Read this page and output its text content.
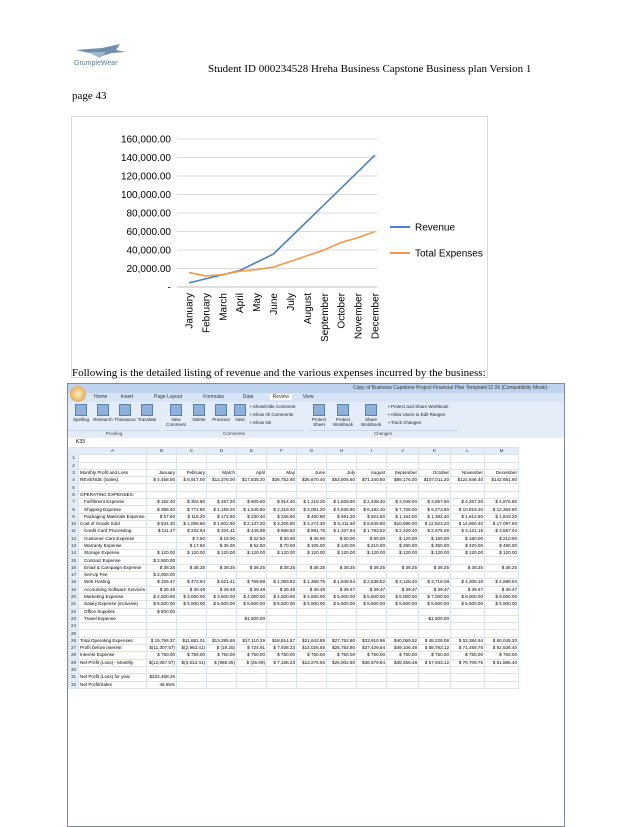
GrumpleWear	Student ID 000234528 Hreha Business Capstone Business plan Version 1
page 43
160,000.00
140,000.00
120,000.00
100,000.00
80,000.00
60,000.00
40,000.00
20,000.00
-
January February March April May June July August September October November December
Revenue
Total Expenses
Following is the detailed listing of revenue and the various expenses incurred by the business:
Copy of Business Capstone Project Financial Plan Template(12 06 [Compatibility Mode] -
Home	Insert	Page Layout	Formulas	Data	Review	View
Spelling Research Thesaurus Translate
Proofing
New Comment
Delete	Previous	Next
▪ Show/Hide Comment
▪ Show All Comments
▪ Show Ink
Comments
Protect Sheet
Protect Workbook
Share Workbook
▪ Protect and Share Workbook
▪ Allow Users to Edit Ranges
▪ Track Changes
Changes
K33
	A	B	C	D	E	F	G	H	I	J	K	L	M
1													
2													
3	Monthly Profit and Loss	January	February	March	April	May	June	July	August	September	October	November	December
4	REVENUE (Sales):	$ 4,458.00	$ 8,917.00	$13,376.00	$17,835.20	$26,752.80	$35,670.40	$53,505.60	$71,340.80	$89,176.00	$107,011.20	$124,846.40	$142,681.60
5													
6	OPERATING EXPENSES:												
7	Fulfillment Expense	$ 152.40	$ 304.80	$ 457.20	$ 609.60	$ 914.40	$ 1,219.20	$ 1,828.80	$ 2,438.40	$ 3,048.00	$ 3,657.60	$ 4,267.20	$ 4,876.80
8	Shipping Expense	$ 386.40	$ 772.80	$ 1,159.20	$ 1,545.60	$ 2,318.40	$ 3,091.20	$ 4,636.80	$ 6,182.40	$ 7,728.00	$ 9,273.60	$ 10,819.20	$ 12,364.80
9	Packaging Materials Expense	$ 57.60	$ 115.20	$ 172.80	$ 230.40	$ 345.60	$ 460.80	$ 691.20	$ 921.60	$ 1,152.00	$ 1,382.40	$ 1,612.80	$ 1,843.20
10	Cost of Goods Sold	$ 534.30	$ 1,068.60	$ 1,602.90	$ 2,137.20	$ 3,205.80	$ 4,274.40	$ 6,411.60	$ 8,548.80	$10,686.00	$ 12,823.20	$ 14,960.40	$ 17,097.60
11	Credit Card Processing	$ 111.47	$ 222.94	$ 334.41	$ 445.88	$ 668.82	$ 891.76	$ 1,337.64	$ 1,783.52	$ 2,229.40	$ 2,675.28	$ 3,121.16	$ 3,567.04
12	Customer Care Expense		$ 7.50	$ 15.00	$ 22.50	$ 30.00	$ 45.00	$ 60.00	$ 90.00	$ 120.00	$ 150.00	$ 180.00	$ 210.00
13	Warranty Expense		$ 17.50	$ 35.00	$ 52.50	$ 70.00	$ 105.00	$ 140.00	$ 210.00	$ 280.00	$ 350.00	$ 420.00	$ 490.00
14	Storage Expense	$ 120.00	$ 120.00	$ 120.00	$ 120.00	$ 120.00	$ 120.00	$ 120.00	$ 120.00	$ 120.00	$ 120.00	$ 120.00	$ 120.00
15	Contract Expense	$ 2,500.00											
16	Email & Campaign Expense	$ 38.25	$ 38.25	$ 38.25	$ 38.25	$ 38.25	$ 38.25	$ 38.25	$ 38.25	$ 38.25	$ 38.25	$ 38.25	$ 38.25
17	Set-Up Fee	$ 2,000.00											
18	Web Hosting	$ 326.47	$ 473.94	$ 621.41	$ 768.88	$ 1,063.82	$ 1,358.76	$ 1,948.64	$ 2,538.52	$ 3,128.40	$ 3,718.28	$ 4,308.16	$ 4,898.04
19	Accounting Software Services	$ 39.48	$ 39.48	$ 39.48	$ 39.48	$ 39.48	$ 39.48	$ 39.47	$ 39.47	$ 39.47	$ 39.47	$ 39.47	$ 39.47
20	Marketing Expense	$ 2,500.00	$ 3,000.00	$ 3,500.00	$ 4,000.00	$ 4,500.00	$ 4,500.00	$ 5,000.00	$ 5,500.00	$ 6,000.00	$ 7,000.00	$ 8,000.00	$ 9,000.00
21	Salary Expense (inclusive)	$ 5,500.00	$ 5,500.00	$ 5,500.00	$ 5,500.00	$ 5,500.00	$ 5,500.00	$ 5,500.00	$ 5,500.00	$ 5,500.00	$ 5,500.00	$ 5,500.00	$ 5,500.00
22	Office Supplies	$ 500.00											
23	Travel Expense				$1,600.00						-$1,600.00		
24													
25													
26	Total Operating Expenses:	$ 15,766.37	$11,881.01	$13,395.65	$17,110.29	$18,814.57	$21,643.85	$27,752.80	$33,910.96	$40,069.52	$ 48,228.08	$ 53,384.64	$ 60,045.20
27	Profit before Interest	$(11,307.57)	$(2,963.41)	$ (19.25)	$ 724.91	$ 7,938.23	$14,026.55	$25,752.80	$37,429.84	$49,106.48	$ 58,783.12	$ 71,459.76	$ 82,636.40
28	Interest Expense	$ 750.00	$ 750.00	$ 750.00	$ 750.00	$ 750.00	$ 750.00	$ 750.00	$ 750.00	$ 750.00	$ 750.00	$ 750.00	$ 750.00
29	Net Profit (Loss) - Monthly	$(12,057.57)	$(3,513.41)	$ (969.25)	$ (25.09)	$ 7,188.23	$13,276.55	$25,002.80	$36,679.84	$48,356.48	$ 57,933.12	$ 70,709.76	$ 81,886.40
30													
31	Net Profit (Loss) for year	$324,468.26											
32	Net Profit/Sales	46.65%											
